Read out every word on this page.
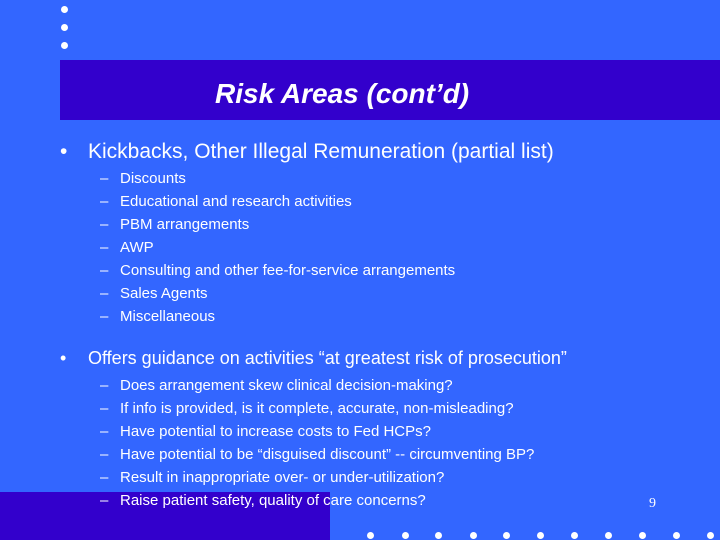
Risk Areas (cont’d)
• Kickbacks, Other Illegal Remuneration (partial list)
– Discounts
– Educational and research activities
– PBM arrangements
– AWP
– Consulting and other fee-for-service arrangements
– Sales Agents
– Miscellaneous
• Offers guidance on activities “at greatest risk of prosecution”
– Does arrangement skew clinical decision-making?
– If info is provided, is it complete, accurate, non-misleading?
– Have potential to increase costs to Fed HCPs?
– Have potential to be “disguised discount” -- circumventing BP?
– Result in inappropriate over- or under-utilization?
– Raise patient safety, quality of care concerns?	9
